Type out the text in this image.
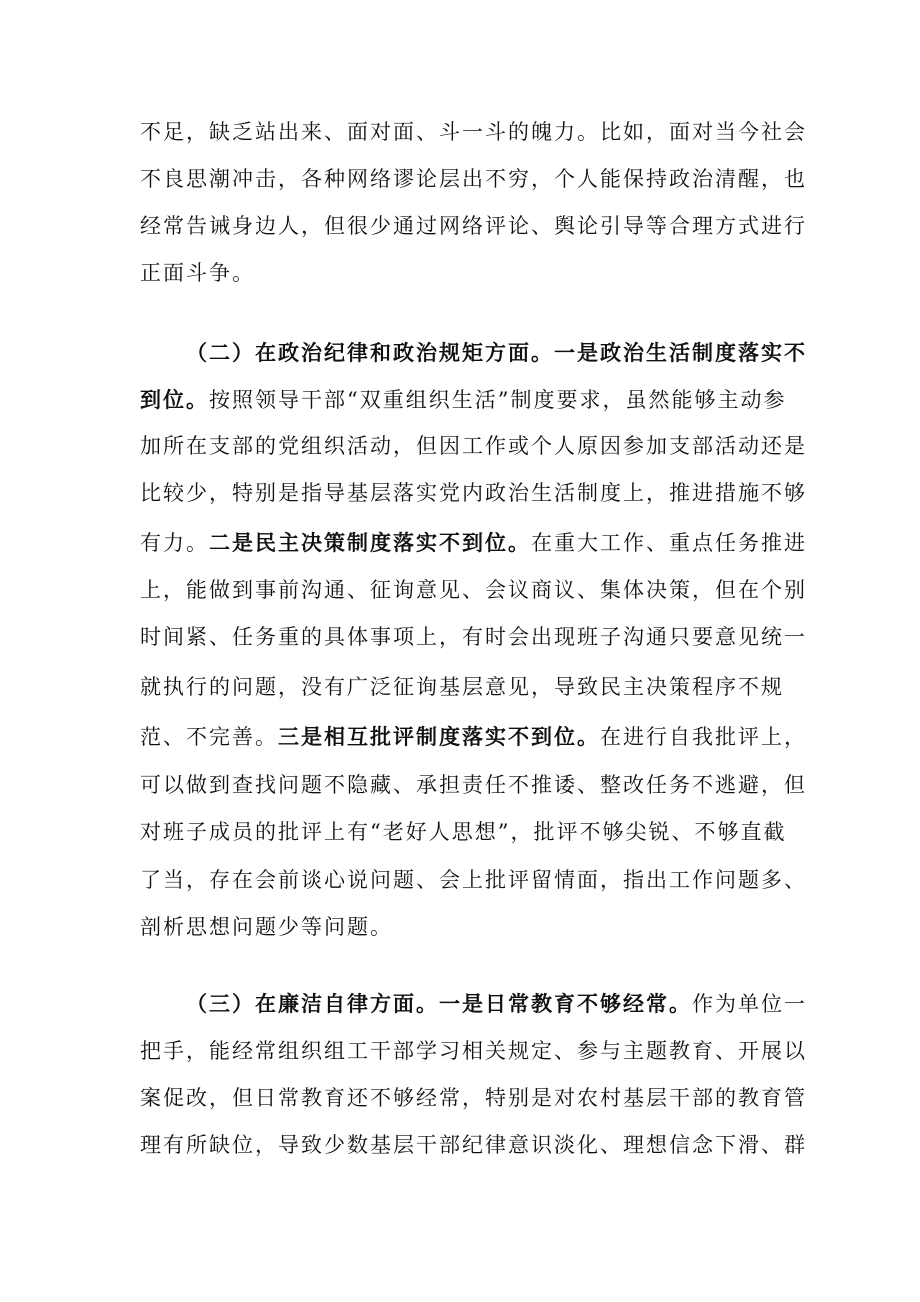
不足，缺乏站出来、面对面、斗一斗的魄力。比如，面对当今社会
不良思潮冲击，各种网络谬论层出不穷，个人能保持政治清醒，也
经常告诫身边人，但很少通过网络评论、舆论引导等合理方式进行
正面斗争。
（二）在政治纪律和政治规矩方面。一是政治生活制度落实不
到位。按照领导干部“双重组织生活”制度要求，虽然能够主动参
加所在支部的党组织活动，但因工作或个人原因参加支部活动还是
比较少，特别是指导基层落实党内政治生活制度上，推进措施不够
有力。二是民主决策制度落实不到位。在重大工作、重点任务推进
上，能做到事前沟通、征询意见、会议商议、集体决策，但在个别
时间紧、任务重的具体事项上，有时会出现班子沟通只要意见统一
就执行的问题，没有广泛征询基层意见，导致民主决策程序不规
范、不完善。三是相互批评制度落实不到位。在进行自我批评上，
可以做到查找问题不隐藏、承担责任不推诿、整改任务不逃避，但
对班子成员的批评上有“老好人思想”，批评不够尖锐、不够直截
了当，存在会前谈心说问题、会上批评留情面，指出工作问题多、
剖析思想问题少等问题。
（三）在廉洁自律方面。一是日常教育不够经常。作为单位一
把手，能经常组织组工干部学习相关规定、参与主题教育、开展以
案促改，但日常教育还不够经常，特别是对农村基层干部的教育管
理有所缺位，导致少数基层干部纪律意识淡化、理想信念下滑、群
